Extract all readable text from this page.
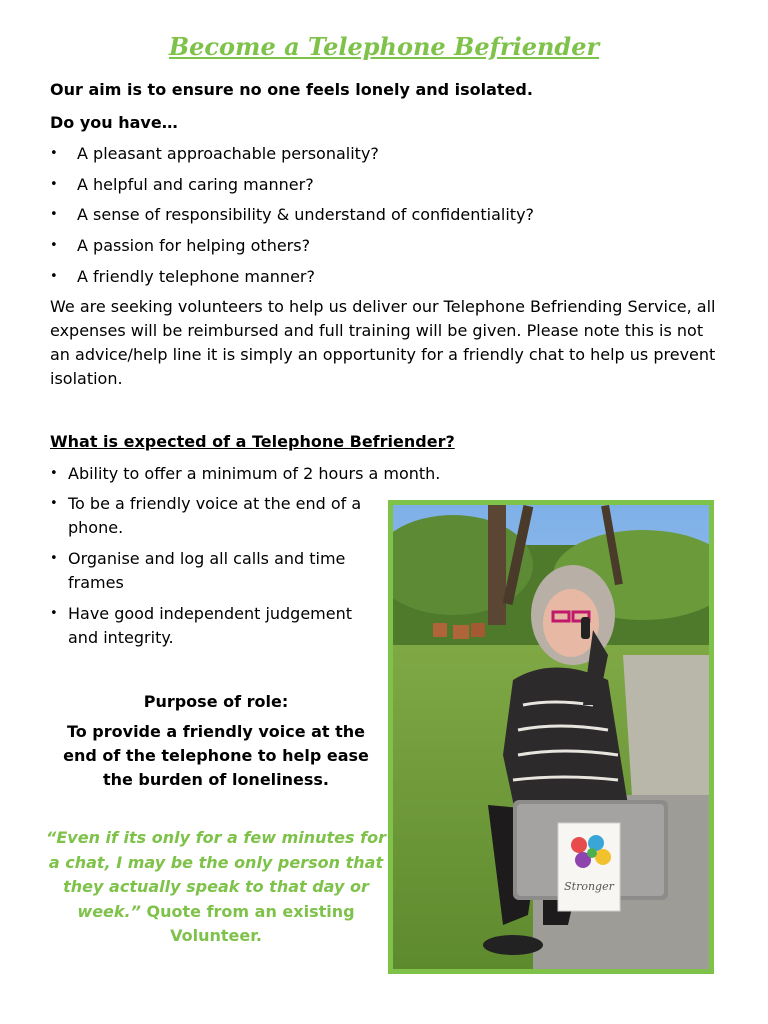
Become a Telephone Befriender

Our aim is to ensure no one feels lonely and isolated.

Do you have…

• A pleasant approachable personality?
• A helpful and caring manner?
• A sense of responsibility & understand of confidentiality?
• A passion for helping others?
• A friendly telephone manner?

We are seeking volunteers to help us deliver our Telephone Befriending Service, all expenses will be reimbursed and full training will be given. Please note this is not an advice/help line it is simply an opportunity for a friendly chat to help us prevent isolation.

What is expected of a Telephone Befriender?
• Ability to offer a minimum of 2 hours a month.
• To be a friendly voice at the end of a phone.
• Organise and log all calls and time frames
• Have good independent judgement and integrity.

Purpose of role:

To provide a friendly voice at the end of the telephone to help ease the burden of loneliness.

“Even if its only for a few minutes for a chat, I may be the only person that they actually speak to that day or week.” Quote from an existing Volunteer.

Stronger
